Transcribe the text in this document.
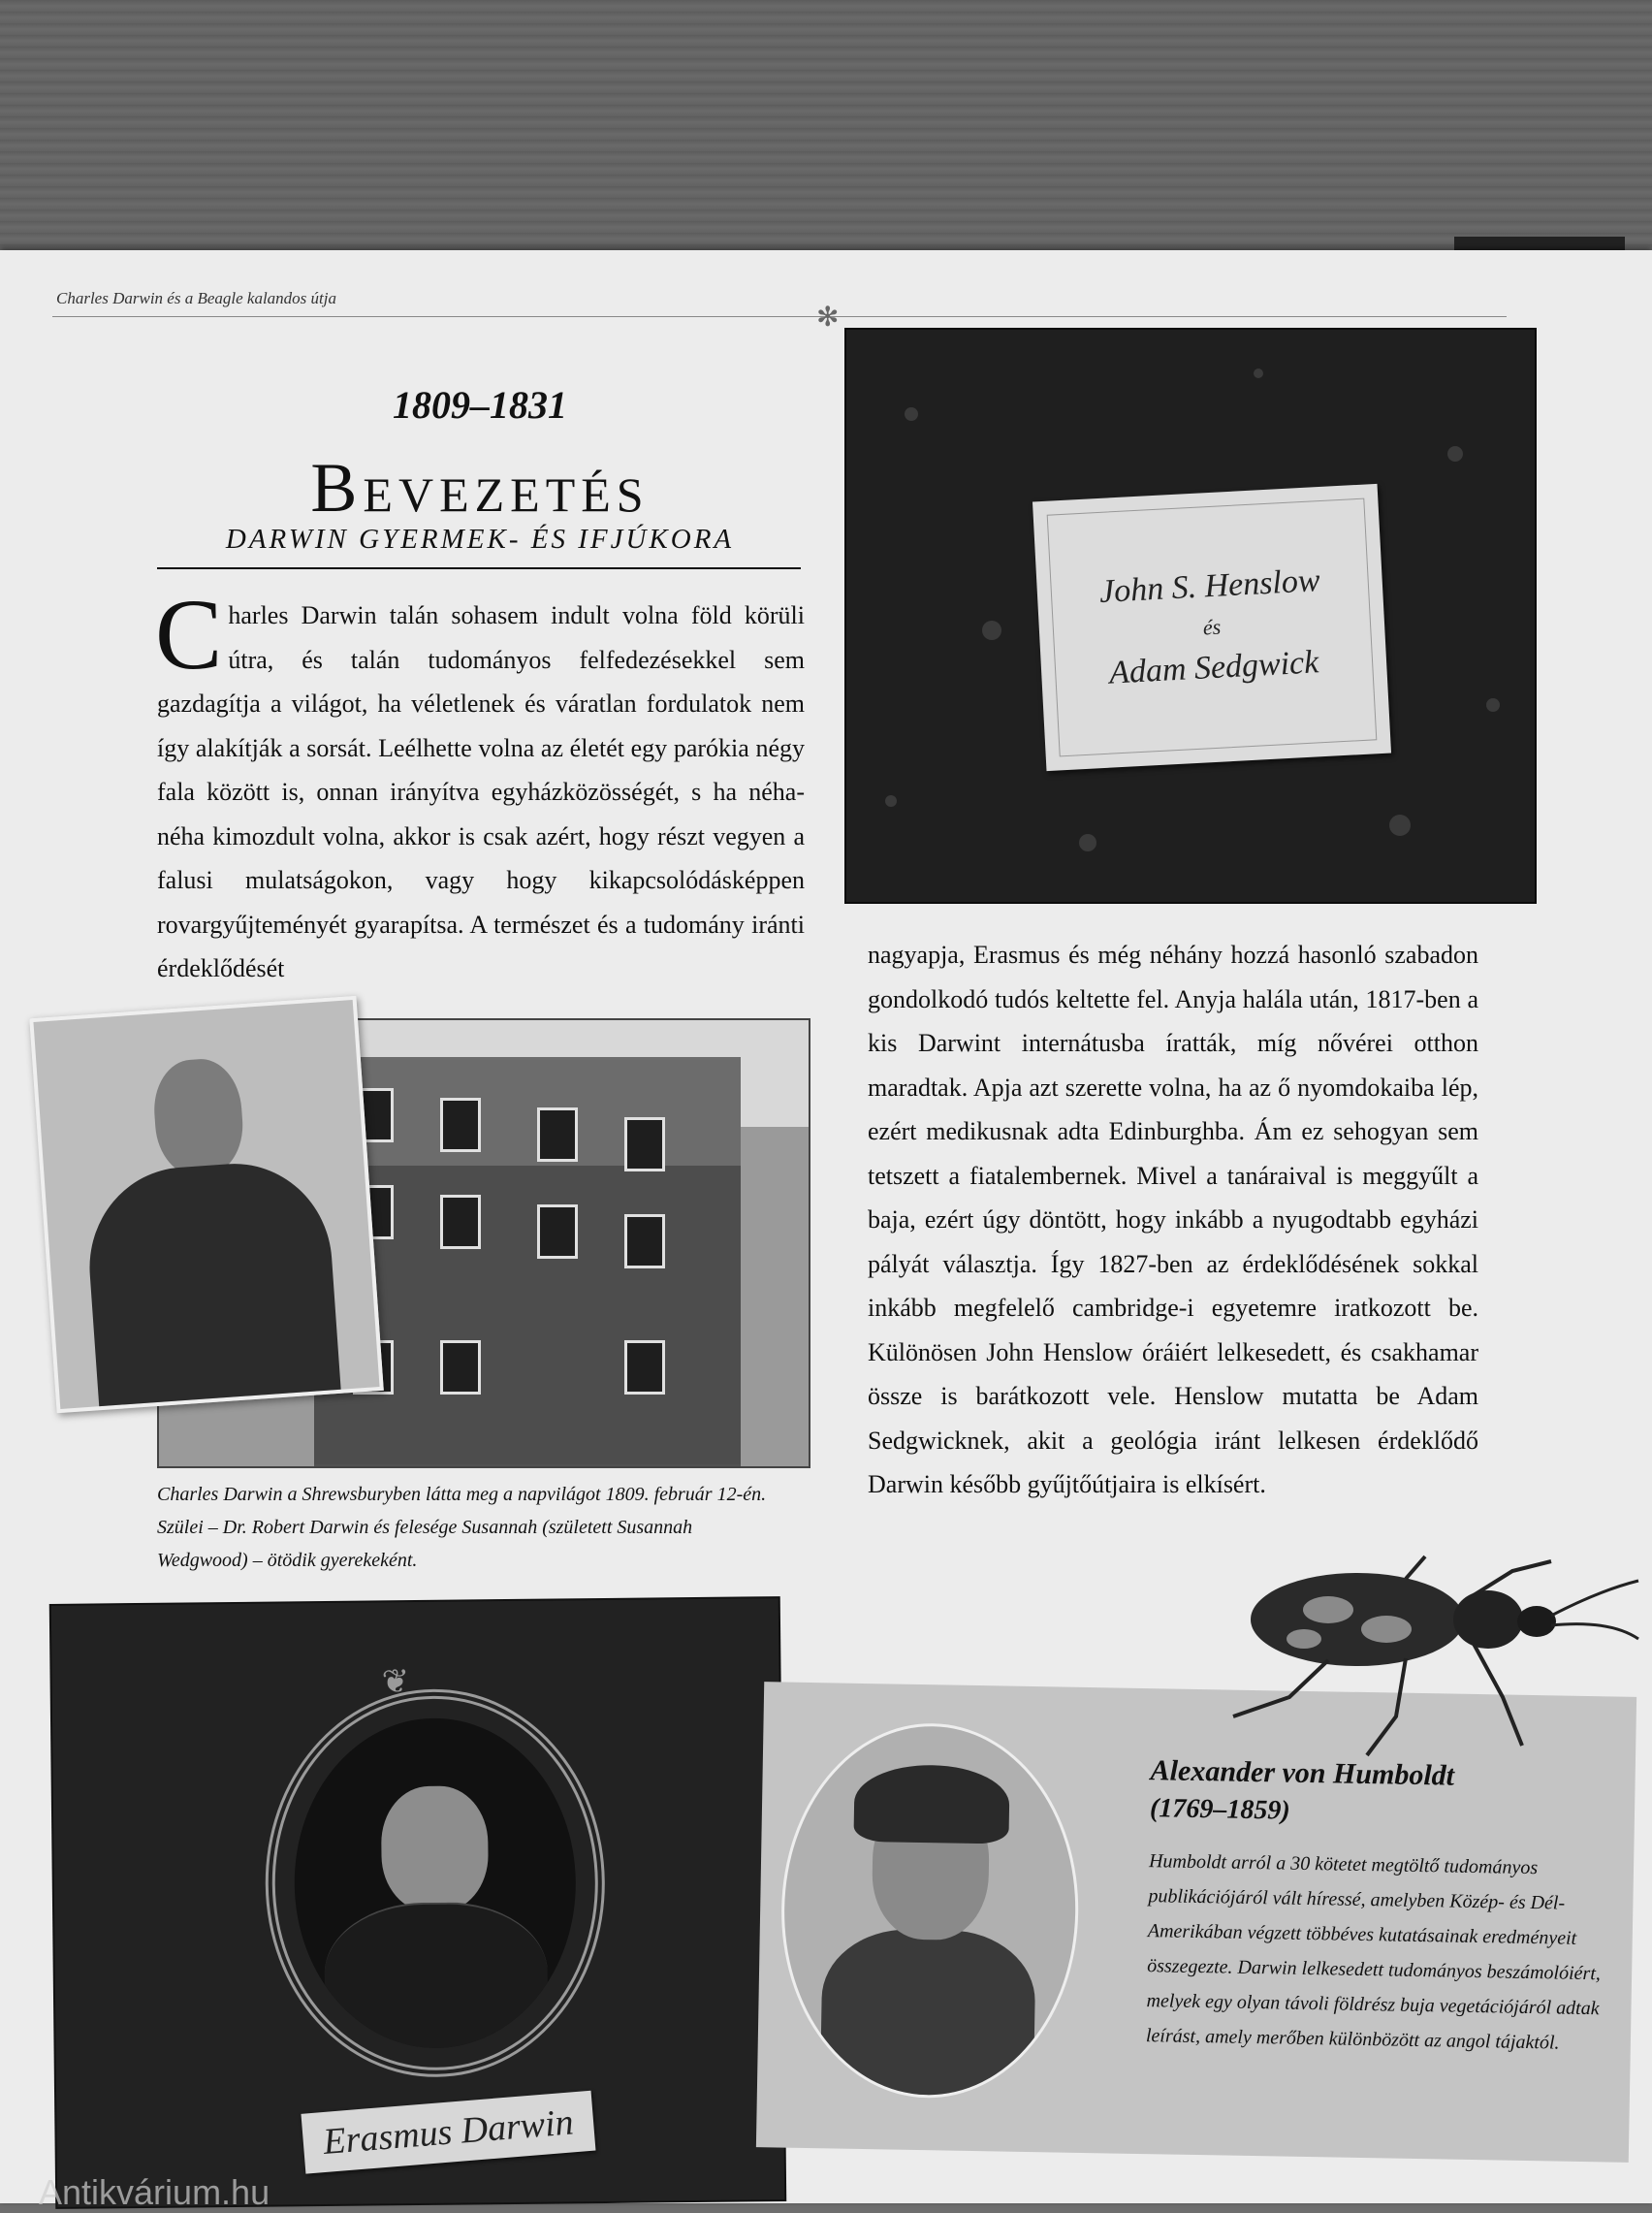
Charles Darwin és a Beagle kalandos útja
✻
1809–1831
Bevezetés
DARWIN GYERMEK- ÉS IFJÚKORA
Charles Darwin talán sohasem indult volna föld körüli útra, és talán tudományos felfedezésekkel sem gazdagítja a világot, ha véletlenek és váratlan fordulatok nem így alakítják a sorsát. Leélhette volna az életét egy parókia négy fala között is, onnan irányítva egyházközösségét, s ha néha-néha kimozdult volna, akkor is csak azért, hogy részt vegyen a falusi mulatságokon, vagy hogy kikapcsolódásképpen rovargyűjteményét gyarapítsa. A természet és a tudomány iránti érdeklődését
John S. Henslow
és
Adam Sedgwick
Charles Darwin a Shrewsburyben látta meg a napvilágot 1809. február 12-én. Szülei – Dr. Robert Darwin és felesége Susannah (született Susannah Wedgwood) – ötödik gyerekeként.
nagyapja, Erasmus és még néhány hozzá hasonló szabadon gondolkodó tudós keltette fel. Anyja halála után, 1817-ben a kis Darwint internátusba íratták, míg nővérei otthon maradtak. Apja azt szerette volna, ha az ő nyomdokaiba lép, ezért medikusnak adta Edinburghba. Ám ez sehogyan sem tetszett a fiatalembernek. Mivel a tanáraival is meggyűlt a baja, ezért úgy döntött, hogy inkább a nyugodtabb egyházi pályát választja. Így 1827-ben az érdeklődésének sokkal inkább megfelelő cambridge-i egyetemre iratkozott be. Különösen John Henslow óráiért lelkesedett, és csakhamar össze is barátkozott vele. Henslow mutatta be Adam Sedgwicknek, akit a geológia iránt lelkesen érdeklődő Darwin később gyűjtőútjaira is elkísért.
❦
Erasmus Darwin
Alexander von Humboldt
(1769–1859)
Humboldt arról a 30 kötetet megtöltő tudományos publikációjáról vált híressé, amelyben Közép- és Dél-Amerikában végzett többéves kutatásainak eredményeit összegezte. Darwin lelkesedett tudományos beszámolóiért, melyek egy olyan távoli földrész buja vegetációjáról adtak leírást, amely merőben különbözött az angol tájaktól.
Antikvárium.hu
